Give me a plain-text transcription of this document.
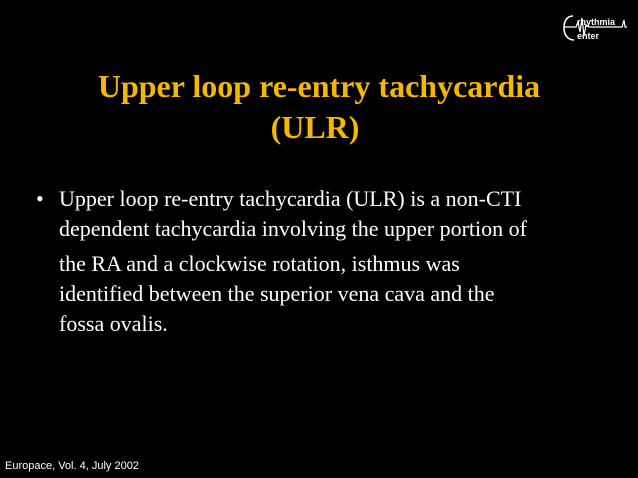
rhythmia
enter
Upper loop re-entry tachycardia
(ULR)
• Upper loop re-entry tachycardia (ULR) is a non-CTI
dependent tachycardia involving the upper portion of
the RA and a clockwise rotation, isthmus was
identified between the superior vena cava and the
fossa ovalis.
Europace, Vol. 4, July 2002
